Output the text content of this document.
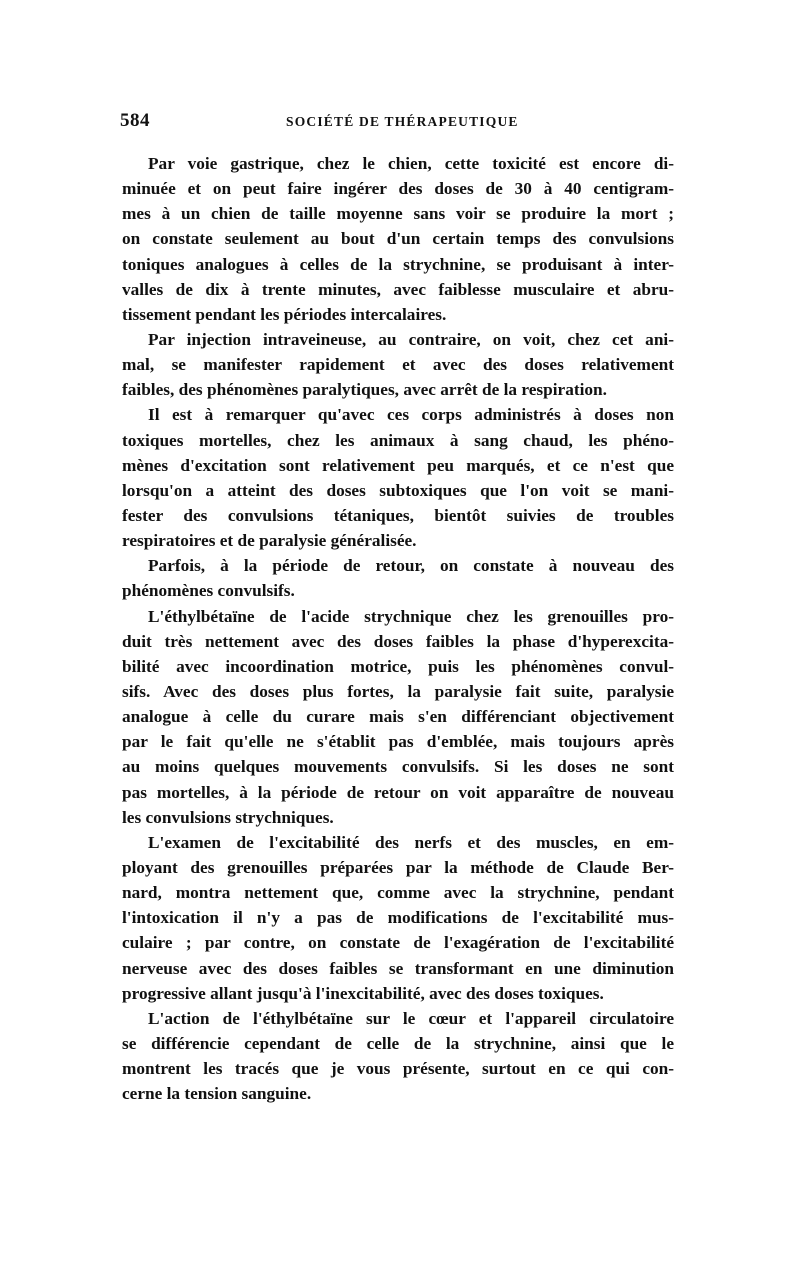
584	SOCIÉTÉ DE THÉRAPEUTIQUE
Par voie gastrique, chez le chien, cette toxicité est encore di-
minuée et on peut faire ingérer des doses de 30 à 40 centigram-
mes à un chien de taille moyenne sans voir se produire la mort ;
on constate seulement au bout d'un certain temps des convulsions
toniques analogues à celles de la strychnine, se produisant à inter-
valles de dix à trente minutes, avec faiblesse musculaire et abru-
tissement pendant les périodes intercalaires.
Par injection intraveineuse, au contraire, on voit, chez cet ani-
mal, se manifester rapidement et avec des doses relativement
faibles, des phénomènes paralytiques, avec arrêt de la respiration.
Il est à remarquer qu'avec ces corps administrés à doses non
toxiques mortelles, chez les animaux à sang chaud, les phéno-
mènes d'excitation sont relativement peu marqués, et ce n'est que
lorsqu'on a atteint des doses subtoxiques que l'on voit se mani-
fester des convulsions tétaniques, bientôt suivies de troubles
respiratoires et de paralysie généralisée.
Parfois, à la période de retour, on constate à nouveau des
phénomènes convulsifs.
L'éthylbétaïne de l'acide strychnique chez les grenouilles pro-
duit très nettement avec des doses faibles la phase d'hyperexcita-
bilité avec incoordination motrice, puis les phénomènes convul-
sifs. Avec des doses plus fortes, la paralysie fait suite, paralysie
analogue à celle du curare mais s'en différenciant objectivement
par le fait qu'elle ne s'établit pas d'emblée, mais toujours après
au moins quelques mouvements convulsifs. Si les doses ne sont
pas mortelles, à la période de retour on voit apparaître de nouveau
les convulsions strychniques.
L'examen de l'excitabilité des nerfs et des muscles, en em-
ployant des grenouilles préparées par la méthode de Claude Ber-
nard, montra nettement que, comme avec la strychnine, pendant
l'intoxication il n'y a pas de modifications de l'excitabilité mus-
culaire ; par contre, on constate de l'exagération de l'excitabilité
nerveuse avec des doses faibles se transformant en une diminution
progressive allant jusqu'à l'inexcitabilité, avec des doses toxiques.
L'action de l'éthylbétaïne sur le cœur et l'appareil circulatoire
se différencie cependant de celle de la strychnine, ainsi que le
montrent les tracés que je vous présente, surtout en ce qui con-
cerne la tension sanguine.
